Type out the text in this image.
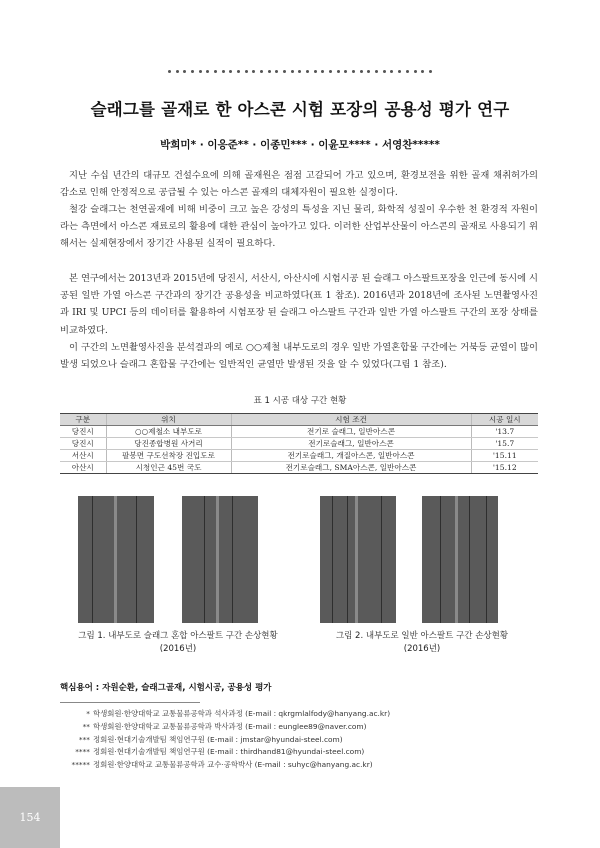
슬래그를 골재로 한 아스콘 시험 포장의 공용성 평가 연구
박희미* · 이응준** · 이종민*** · 이윤모**** · 서영찬*****

지난 수십 년간의 대규모 건설수요에 의해 골재원은 점점 고갈되어 가고 있으며, 환경보전을 위한 골재 채취허가의 감소로 인해 안정적으로 공급될 수 있는 아스콘 골재의 대체자원이 필요한 실정이다.

철강 슬래그는 천연골재에 비해 비중이 크고 높은 강성의 특성을 지닌 물리, 화학적 성질이 우수한 천 환경적 자원이라는 측면에서 아스콘 재료로의 활용에 대한 관심이 높아가고 있다. 이러한 산업부산물이 아스콘의 골재로 사용되기 위해서는 실제현장에서 장기간 사용된 실적이 필요하다.

본 연구에서는 2013년과 2015년에 당진시, 서산시, 아산시에 시험시공 된 슬래그 아스팔트포장을 인근에 동시에 시공된 일반 가열 아스콘 구간과의 장기간 공용성을 비교하였다(표 1 참조). 2016년과 2018년에 조사된 노면촬영사진과 IRI 및 UPCI 등의 데이터를 활용하여 시험포장 된 슬래그 아스팔트 구간과 일반 가열 아스팔트 구간의 포장 상태를 비교하였다.

이 구간의 노면촬영사진을 분석결과의 예로 ○○제철 내부도로의 경우 일반 가열혼합물 구간에는 거북등 균열이 많이 발생 되었으나 슬래그 혼합물 구간에는 일반적인 균열만 발생된 것을 알 수 있었다(그림 1 참조).

표 1 시공 대상 구간 현황
구분	위치	시험 조건	시공 일시
당진시	○○제철소 내부도로	전기로 슬래그, 일반아스콘	'13.7
당진시	당진종합병원 사거리	전기로슬래그, 일반아스콘	'15.7
서산시	팔봉면 구도선착장 진입도로	전기로슬래그, 개질아스콘, 일반아스콘	'15.11
아산시	시청인근 45번 국도	전기로슬래그, SMA아스콘, 일반아스콘	'15.12
그림 1. 내부도로 슬래그 혼합 아스팔트 구간 손상현황
(2016년)
그림 2. 내부도로 일반 아스팔트 구간 손상현황
(2016년)
핵심용어 : 자원순환, 슬래그골재, 시험시공, 공용성 평가
* 학생회원·한양대학교 교통물류공학과 석사과정 (E-mail : qkrgmlalfody@hanyang.ac.kr)
** 학생회원·한양대학교 교통물류공학과 박사과정 (E-mail : eunglee89@naver.com)
*** 정회원·현대기술개발팀 책임연구원 (E-mail : jmstar@hyundai-steel.com)
**** 정회원·현대기술개발팀 책임연구원 (E-mail : thirdhand81@hyundai-steel.com)
***** 정회원·한양대학교 교통물류공학과 교수·공학박사 (E-mail : suhyc@hanyang.ac.kr)
154
